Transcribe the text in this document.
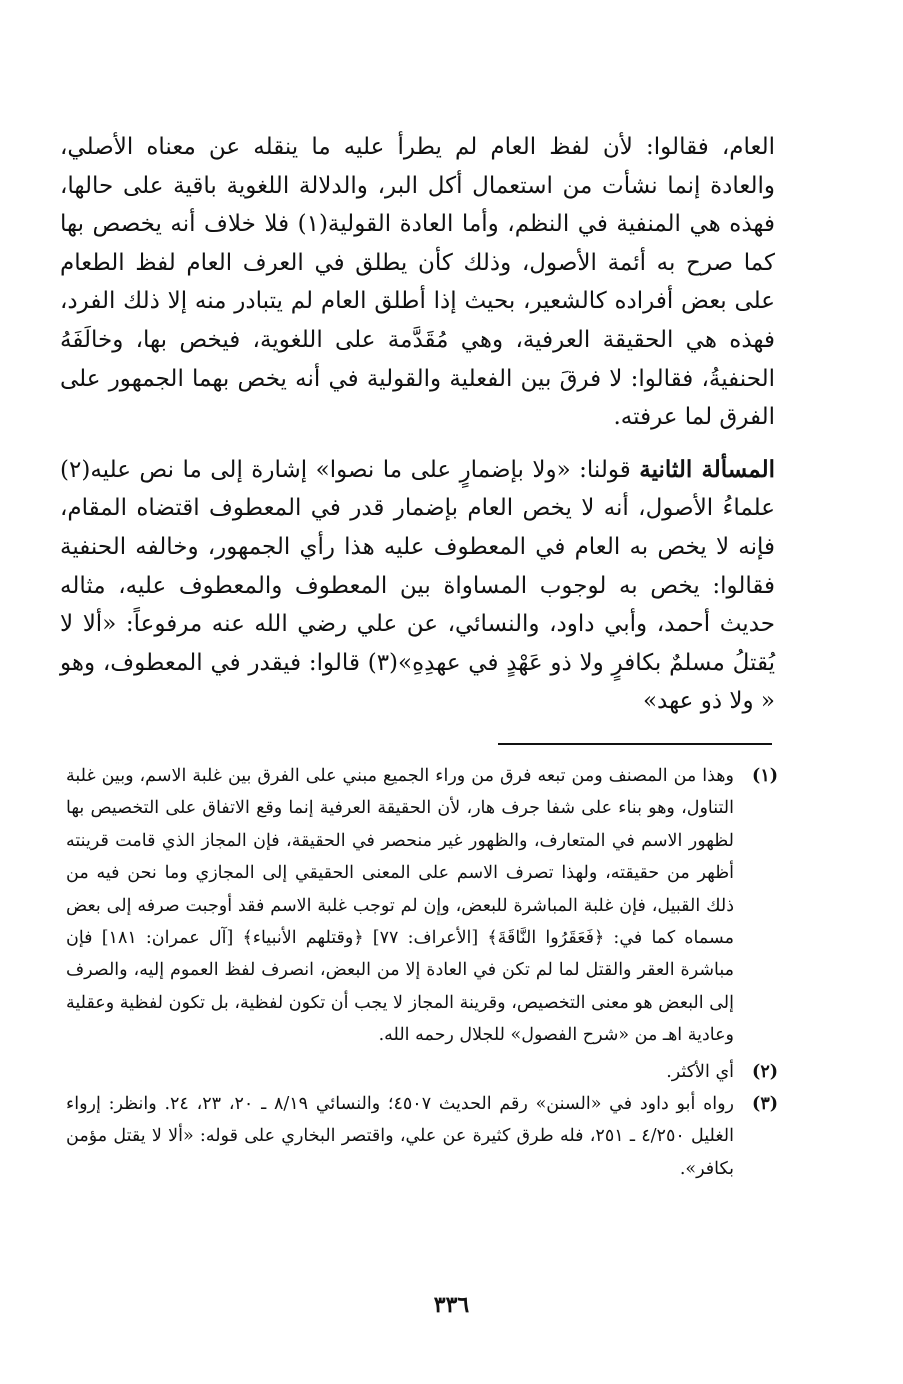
العام، فقالوا: لأن لفظ العام لم يطرأ عليه ما ينقله عن معناه الأصلي، والعادة إنما نشأت من استعمال أكل البر، والدلالة اللغوية باقية على حالها، فهذه هي المنفية في النظم، وأما العادة القولية(١) فلا خلاف أنه يخصص بها كما صرح به أئمة الأصول، وذلك كأن يطلق في العرف العام لفظ الطعام على بعض أفراده كالشعير، بحيث إذا أطلق العام لم يتبادر منه إلا ذلك الفرد، فهذه هي الحقيقة العرفية، وهي مُقَدَّمة على اللغوية، فيخص بها، وخالَفَهُ الحنفيةُ، فقالوا: لا فرقَ بين الفعلية والقولية في أنه يخص بهما الجمهور على الفرق لما عرفته.

المسألة الثانية قولنا: «ولا بإضمارٍ على ما نصوا» إشارة إلى ما نص عليه(٢) علماءُ الأصول، أنه لا يخص العام بإضمار قدر في المعطوف اقتضاه المقام، فإنه لا يخص به العام في المعطوف عليه هذا رأي الجمهور، وخالفه الحنفية فقالوا: يخص به لوجوب المساواة بين المعطوف والمعطوف عليه، مثاله حديث أحمد، وأبي داود، والنسائي، عن علي رضي الله عنه مرفوعاً: «ألا لا يُقتلُ مسلمٌ بكافرٍ ولا ذو عَهْدٍ في عهدِهِ»(٣) قالوا: فيقدر في المعطوف، وهو « ولا ذو عهد»

(١)
وهذا من المصنف ومن تبعه فرق من وراء الجميع مبني على الفرق بين غلبة الاسم، وبين غلبة التناول، وهو بناء على شفا جرف هار، لأن الحقيقة العرفية إنما وقع الاتفاق على التخصيص بها لظهور الاسم في المتعارف، والظهور غير منحصر في الحقيقة، فإن المجاز الذي قامت قرينته أظهر من حقيقته، ولهذا تصرف الاسم على المعنى الحقيقي إلى المجازي وما نحن فيه من ذلك القبيل، فإن غلبة المباشرة للبعض، وإن لم توجب غلبة الاسم فقد أوجبت صرفه إلى بعض مسماه كما في: ﴿فَعَقَرُوا النَّاقَةَ﴾ [الأعراف: ٧٧] ﴿وقتلهم الأنبياء﴾ [آل عمران: ١٨١] فإن مباشرة العقر والقتل لما لم تكن في العادة إلا من البعض، انصرف لفظ العموم إليه، والصرف إلى البعض هو معنى التخصيص، وقرينة المجاز لا يجب أن تكون لفظية، بل تكون لفظية وعقلية وعادية اهـ من «شرح الفصول» للجلال رحمه الله.
(٢)
أي الأكثر.
(٣)
رواه أبو داود في «السنن» رقم الحديث ٤٥٠٧؛ والنسائي ٨/١٩ ـ ٢٠، ٢٣، ٢٤. وانظر: إرواء الغليل ٤/٢٥٠ ـ ٢٥١، فله طرق كثيرة عن علي، واقتصر البخاري على قوله: «ألا لا يقتل مؤمن بكافر».
٣٣٦
